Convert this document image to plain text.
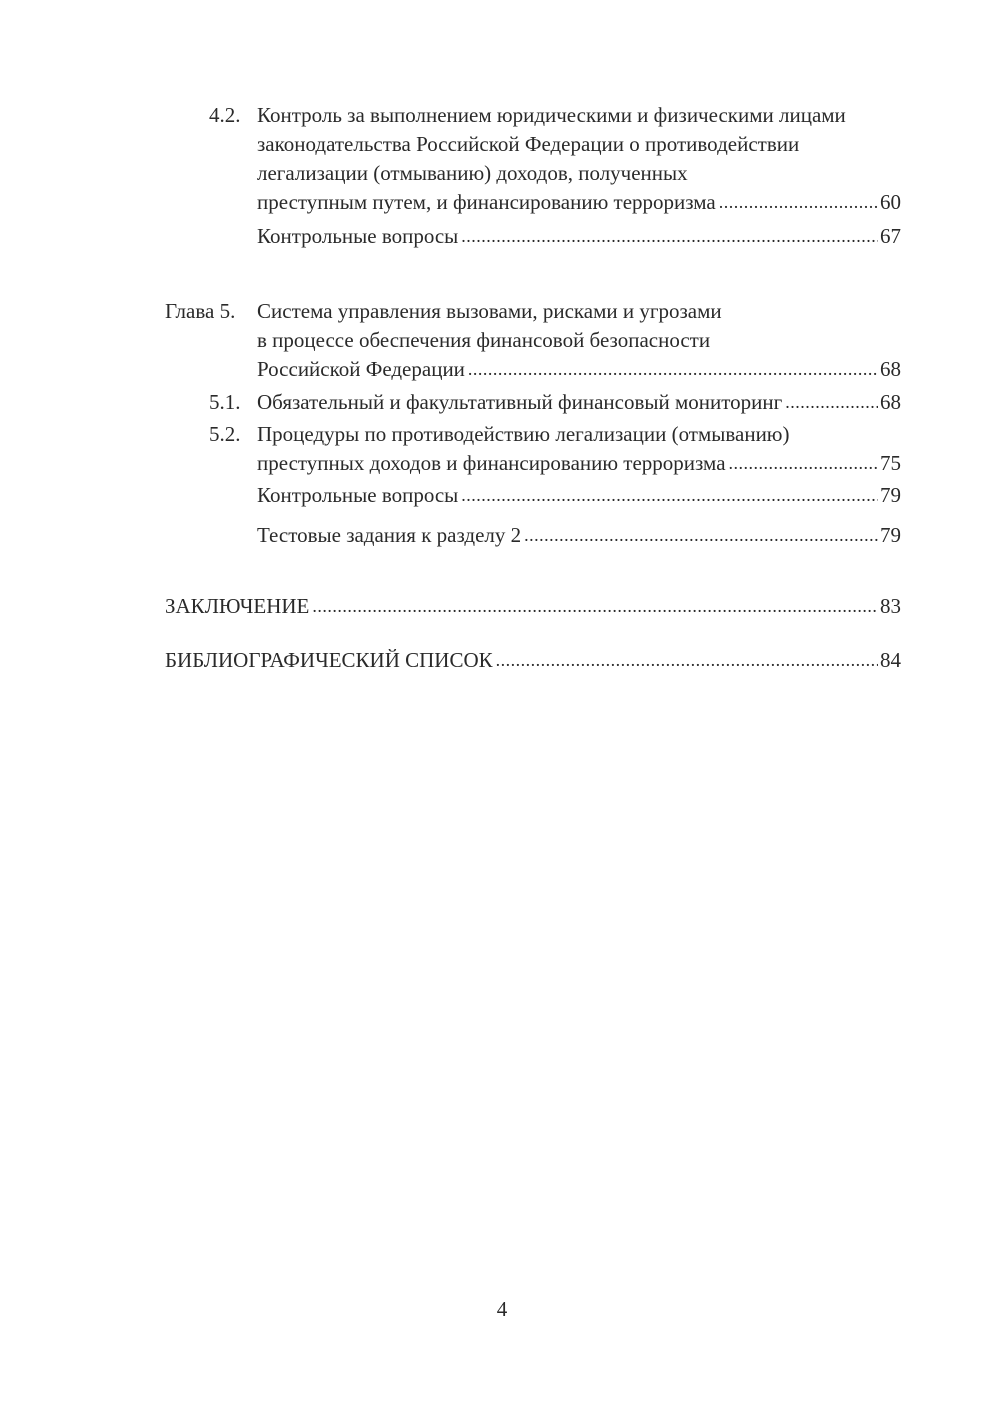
4.2. Контроль за выполнением юридическими и физическими лицами
законодательства Российской Федерации о противодействии
легализации (отмыванию) доходов, полученных
преступным путем, и финансированию терроризма .....	60
Контрольные вопросы .....	67
Глава 5. Система управления вызовами, рисками и угрозами
в процессе обеспечения финансовой безопасности
Российской Федерации .....	68
5.1. Обязательный и факультативный финансовый мониторинг .....	68
5.2. Процедуры по противодействию легализации (отмыванию)
преступных доходов и финансированию терроризма .....	75
Контрольные вопросы .....	79
Тестовые задания к разделу 2 .....	79
ЗАКЛЮЧЕНИЕ .....	83
БИБЛИОГРАФИЧЕСКИЙ СПИСОК .....	84
4
